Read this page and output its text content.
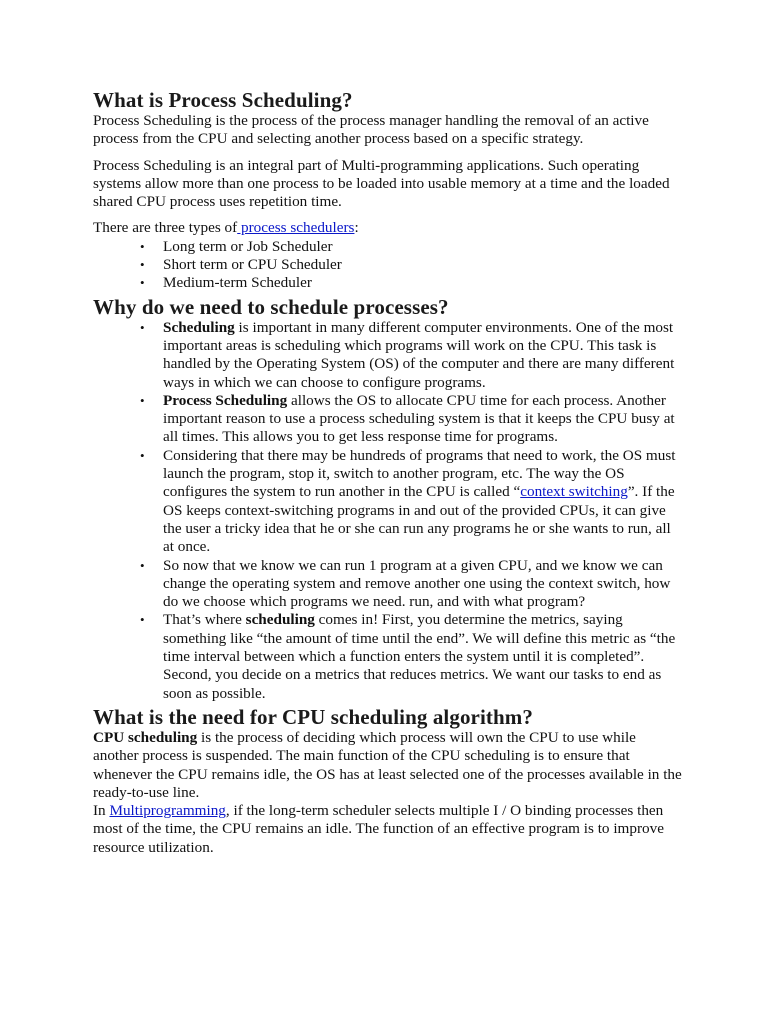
What is Process Scheduling?

Process Scheduling is the process of the process manager handling the removal of an active process from the CPU and selecting another process based on a specific strategy.

Process Scheduling is an integral part of Multi-programming applications. Such operating systems allow more than one process to be loaded into usable memory at a time and the loaded shared CPU process uses repetition time.

There are three types of process schedulers:

• Long term or Job Scheduler
• Short term or CPU Scheduler
• Medium-term Scheduler
Why do we need to schedule processes?
• Scheduling is important in many different computer environments. One of the most important areas is scheduling which programs will work on the CPU. This task is handled by the Operating System (OS) of the computer and there are many different ways in which we can choose to configure programs.
• Process Scheduling allows the OS to allocate CPU time for each process. Another important reason to use a process scheduling system is that it keeps the CPU busy at all times. This allows you to get less response time for programs.
• Considering that there may be hundreds of programs that need to work, the OS must launch the program, stop it, switch to another program, etc. The way the OS configures the system to run another in the CPU is called “context switching”. If the OS keeps context-switching programs in and out of the provided CPUs, it can give the user a tricky idea that he or she can run any programs he or she wants to run, all at once.
• So now that we know we can run 1 program at a given CPU, and we know we can change the operating system and remove another one using the context switch, how do we choose which programs we need. run, and with what program?
• That’s where scheduling comes in! First, you determine the metrics, saying something like “the amount of time until the end”. We will define this metric as “the time interval between which a function enters the system until it is completed”. Second, you decide on a metrics that reduces metrics. We want our tasks to end as soon as possible.
What is the need for CPU scheduling algorithm?

CPU scheduling is the process of deciding which process will own the CPU to use while another process is suspended. The main function of the CPU scheduling is to ensure that whenever the CPU remains idle, the OS has at least selected one of the processes available in the ready-to-use line.

In Multiprogramming, if the long-term scheduler selects multiple I / O binding processes then most of the time, the CPU remains an idle. The function of an effective program is to improve resource utilization.
